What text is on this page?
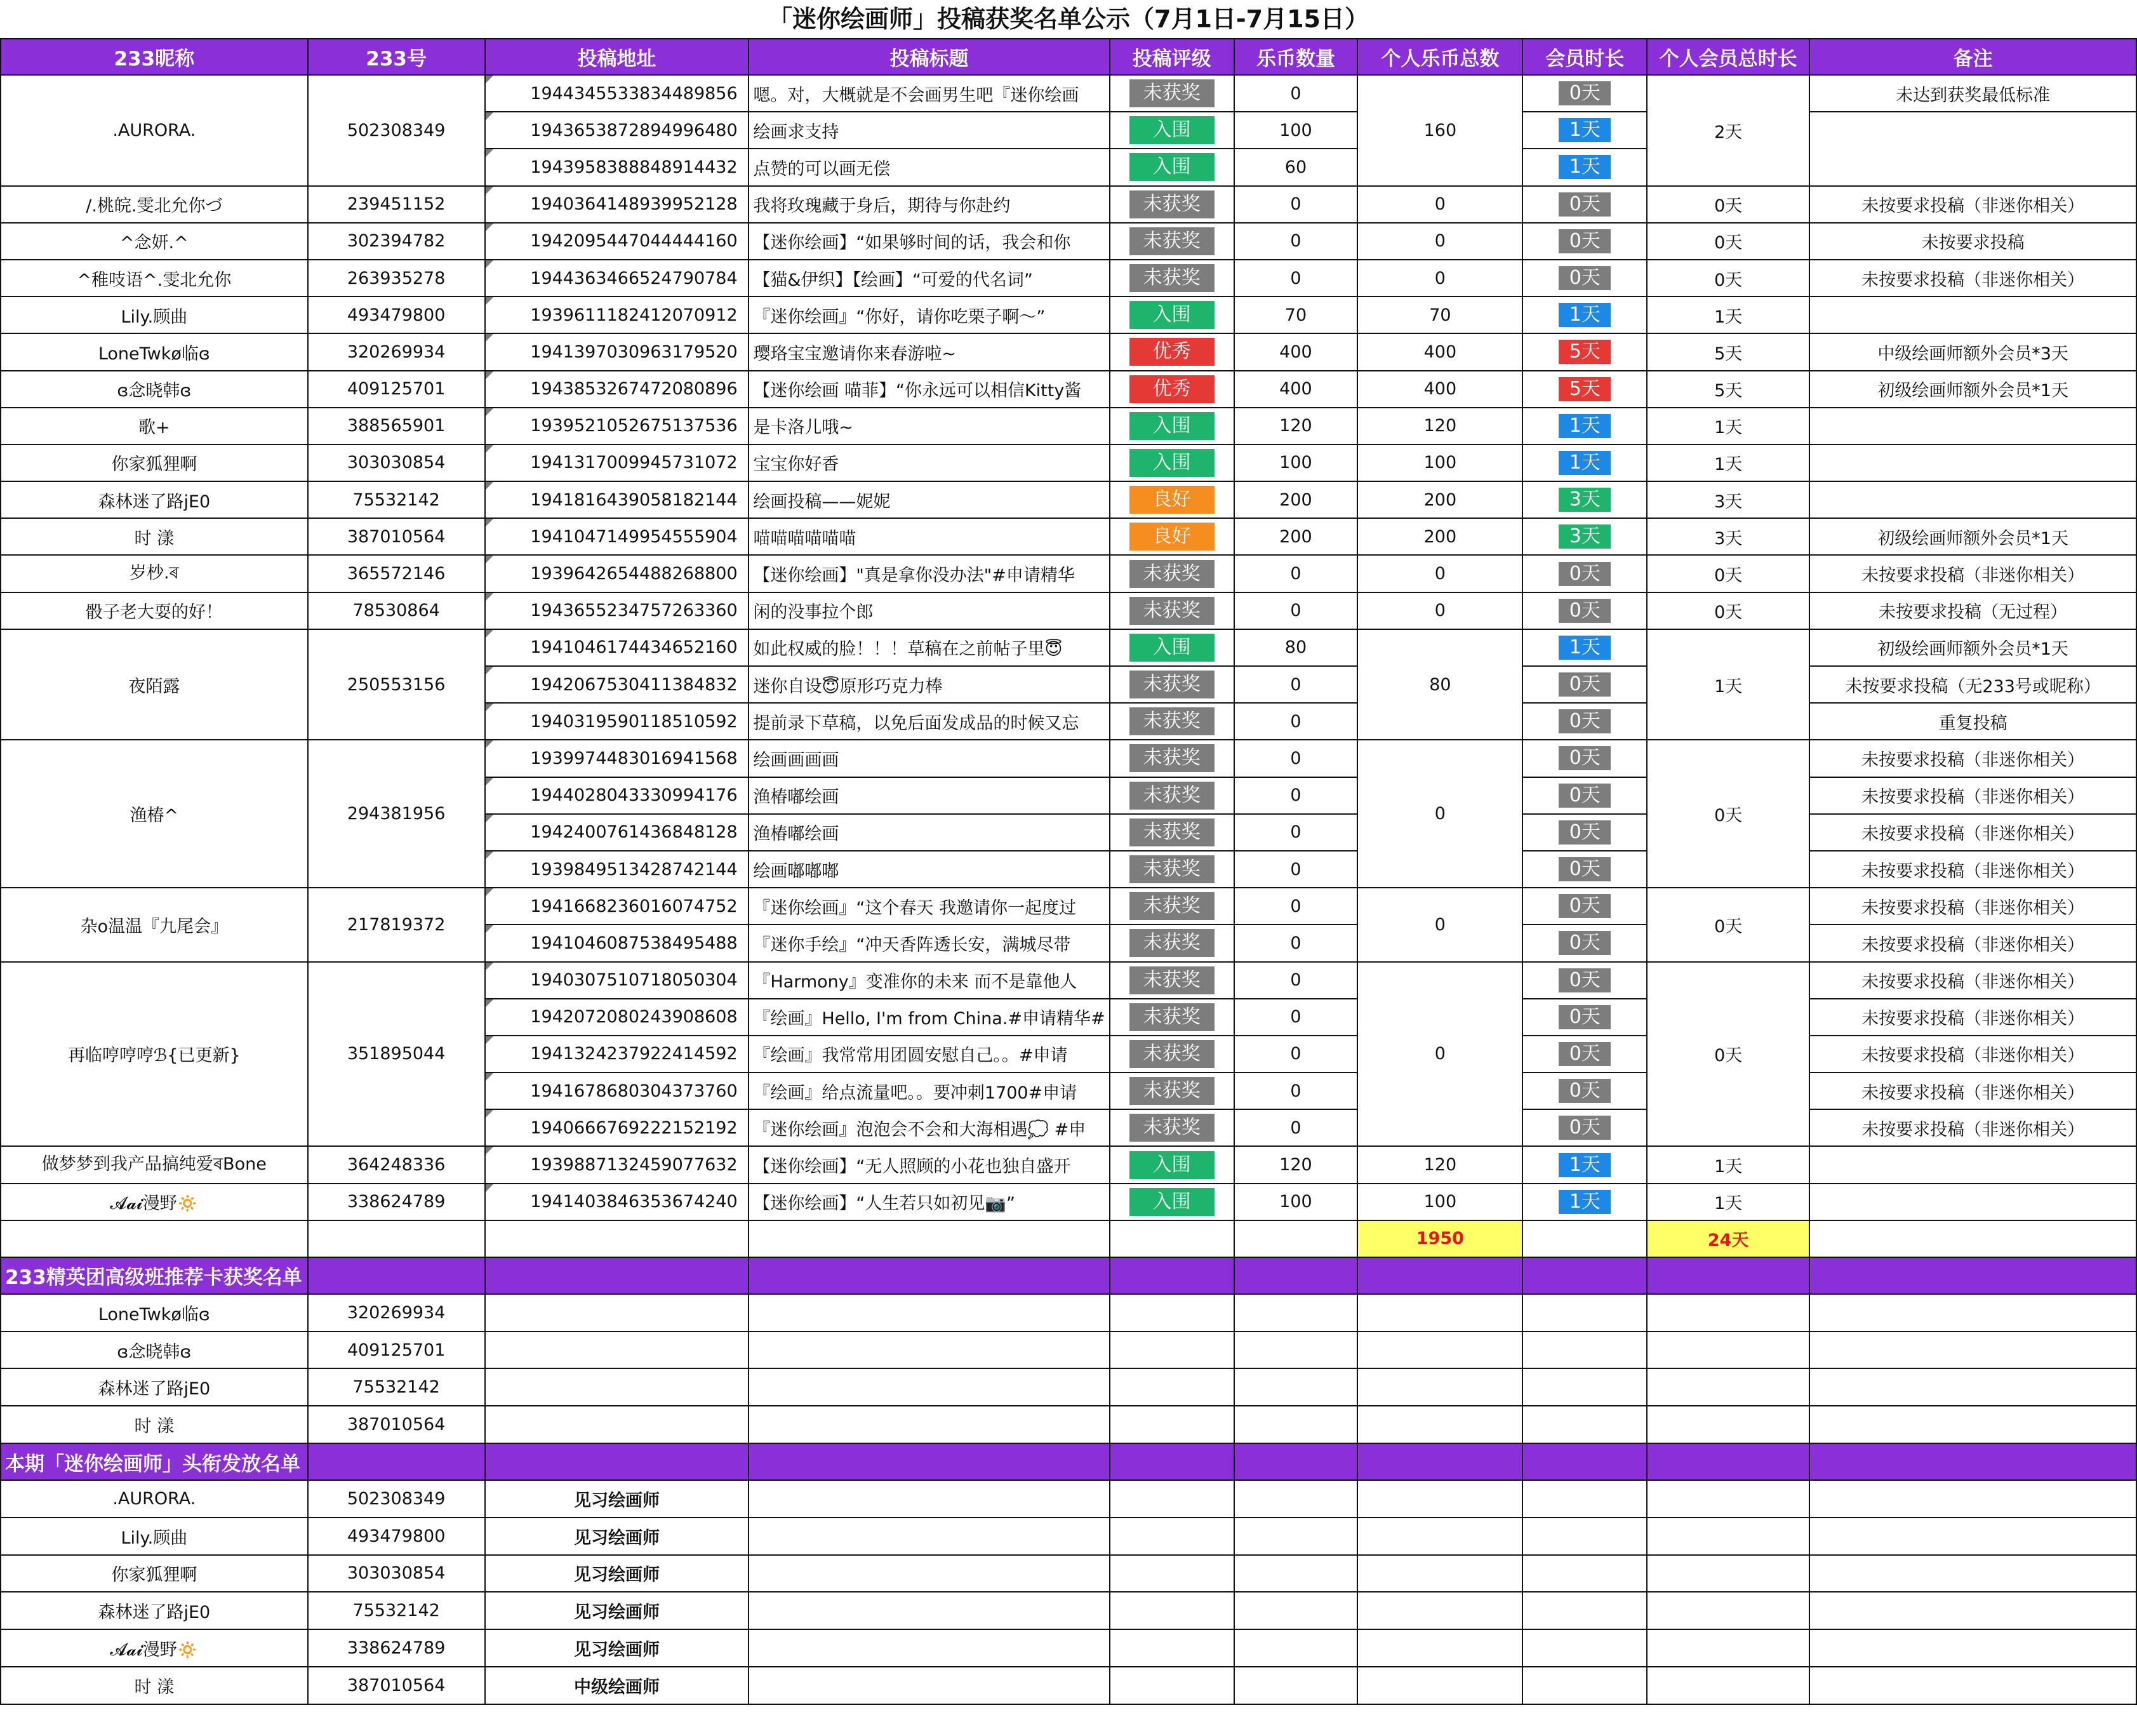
「迷你绘画师」投稿获奖名单公示（7月1日-7月15日）
233昵称	233号	投稿地址	投稿标题	投稿评级	乐币数量	个人乐币总数	会员时长	个人会员总时长	备注
.AURORA.	502308349	1944345533834489856	嗯。对，大概就是不会画男生吧『迷你绘画	未获奖	0	160	0天	2天	未达到获奖最低标准
		1943653872894996480	绘画求支持	入围	100		1天		
		1943958388848914432	点赞的可以画无偿	入围	60		1天		
/.桃皖.雯北允你づ	239451152	1940364148939952128	我将玫瑰藏于身后，期待与你赴约	未获奖	0	0	0天	0天	未按要求投稿（非迷你相关）
^念妍.^	302394782	1942095447044444160	【迷你绘画】“如果够时间的话，我会和你	未获奖	0	0	0天	0天	未按要求投稿
^稚吱语^.雯北允你	263935278	1944363466524790784	【猫&伊织】【绘画】“可爱的代名词”	未获奖	0	0	0天	0天	未按要求投稿（非迷你相关）
Lily.顾曲	493479800	1939611182412070912	『迷你绘画』“你好，请你吃栗子啊～”	入围	70	70	1天	1天	
LoneTwkø临ɞ	320269934	1941397030963179520	璎珞宝宝邀请你来春游啦~	优秀	400	400	5天	5天	中级绘画师额外会员*3天
ɞ念晓韩ɞ	409125701	1943853267472080896	【迷你绘画 喵菲】“你永远可以相信Kitty酱	优秀	400	400	5天	5天	初级绘画师额外会员*1天
歌+	388565901	1939521052675137536	是卡洛儿哦~	入围	120	120	1天	1天	
你家狐狸啊	303030854	1941317009945731072	宝宝你好香	入围	100	100	1天	1天	
森林迷了路jE0	75532142	1941816439058182144	绘画投稿——妮妮	良好	200	200	3天	3天	
时 漾	387010564	1941047149954555904	喵喵喵喵喵喵	良好	200	200	3天	3天	初级绘画师额外会员*1天
岁杪.ৰ	365572146	1939642654488268800	【迷你绘画】"真是拿你没办法"#申请精华	未获奖	0	0	0天	0天	未按要求投稿（非迷你相关）
骰子老大耍的好！	78530864	1943655234757263360	闲的没事拉个郎	未获奖	0	0	0天	0天	未按要求投稿（无过程）
夜陌露	250553156	1941046174434652160	如此权威的脸！！！草稿在之前帖子里😇	入围	80	80	1天	1天	初级绘画师额外会员*1天
		1942067530411384832	迷你自设😇原形巧克力棒	未获奖	0		0天		未按要求投稿（无233号或昵称）
		1940319590118510592	提前录下草稿，以免后面发成品的时候又忘	未获奖	0		0天		重复投稿
渔椿^	294381956	1939974483016941568	绘画画画画	未获奖	0	0	0天	0天	未按要求投稿（非迷你相关）
		1944028043330994176	渔椿嘟绘画	未获奖	0		0天		未按要求投稿（非迷你相关）
		1942400761436848128	渔椿嘟绘画	未获奖	0		0天		未按要求投稿（非迷你相关）
		1939849513428742144	绘画嘟嘟嘟	未获奖	0		0天		未按要求投稿（非迷你相关）
杂o温温『九尾会』	217819372	1941668236016074752	『迷你绘画』“这个春天 我邀请你一起度过	未获奖	0	0	0天	0天	未按要求投稿（非迷你相关）
		1941046087538495488	『迷你手绘』“冲天香阵透长安，满城尽带	未获奖	0		0天		未按要求投稿（非迷你相关）
再临哼哼哼ℬ{已更新}	351895044	1940307510718050304	『Harmony』变准你的未来 而不是靠他人	未获奖	0	0	0天	0天	未按要求投稿（非迷你相关）
		1942072080243908608	『绘画』Hello, I'm from China.#申请精华#	未获奖	0		0天		未按要求投稿（非迷你相关）
		1941324237922414592	『绘画』我常常用团圆安慰自己。。#申请	未获奖	0		0天		未按要求投稿（非迷你相关）
		1941678680304373760	『绘画』给点流量吧。。要冲刺1700#申请	未获奖	0		0天		未按要求投稿（非迷你相关）
		1940666769222152192	『迷你绘画』泡泡会不会和大海相遇💭 #申	未获奖	0		0天		未按要求投稿（非迷你相关）
做梦梦到我产品搞纯爱ৰBone	364248336	1939887132459077632	【迷你绘画】“无人照顾的小花也独自盛开	入围	120	120	1天	1天	
𝓐𝓪𝓲漫野🔅	338624789	1941403846353674240	【迷你绘画】“人生若只如初见📷”	入围	100	100	1天	1天	
						1950		24天	
233精英团高级班推荐卡获奖名单									
LoneTwkø临ɞ	320269934								
ɞ念晓韩ɞ	409125701								
森林迷了路jE0	75532142								
时 漾	387010564								
本期「迷你绘画师」头衔发放名单									
.AURORA.	502308349	见习绘画师							
Lily.顾曲	493479800	见习绘画师							
你家狐狸啊	303030854	见习绘画师							
森林迷了路jE0	75532142	见习绘画师							
𝓐𝓪𝓲漫野🔅	338624789	见习绘画师							
时 漾	387010564	中级绘画师							
